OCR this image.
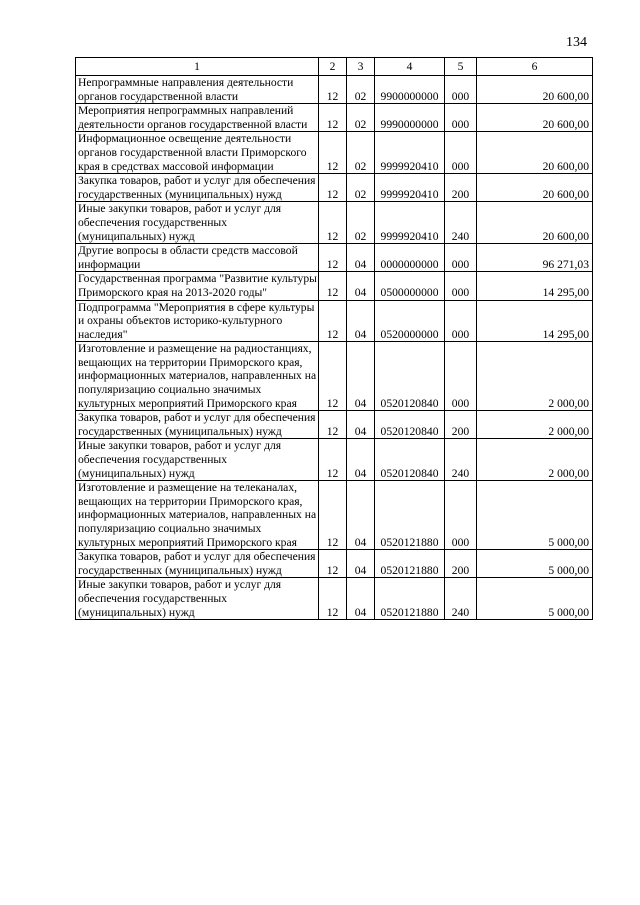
134
1	2	3	4	5	6
Непрограммные направления деятельности органов государственной власти	12	02	9900000000	000	20 600,00
Мероприятия непрограммных направлений деятельности органов государственной власти	12	02	9990000000	000	20 600,00
Информационное освещение деятельности органов государственной власти Приморского края в средствах массовой информации	12	02	9999920410	000	20 600,00
Закупка товаров, работ и услуг для обеспечения государственных (муниципальных) нужд	12	02	9999920410	200	20 600,00
Иные закупки товаров, работ и услуг для обеспечения государственных (муниципальных) нужд	12	02	9999920410	240	20 600,00
Другие вопросы в области средств массовой информации	12	04	0000000000	000	96 271,03
Государственная программа "Развитие культуры Приморского края на 2013-2020 годы"	12	04	0500000000	000	14 295,00
Подпрограмма "Мероприятия в сфере культуры и охраны объектов историко-культурного наследия"	12	04	0520000000	000	14 295,00
Изготовление и размещение на радиостанциях, вещающих на территории Приморского края, информационных материалов, направленных на популяризацию социально значимых культурных мероприятий Приморского края	12	04	0520120840	000	2 000,00
Закупка товаров, работ и услуг для обеспечения государственных (муниципальных) нужд	12	04	0520120840	200	2 000,00
Иные закупки товаров, работ и услуг для обеспечения государственных (муниципальных) нужд	12	04	0520120840	240	2 000,00
Изготовление и размещение на телеканалах, вещающих на территории Приморского края, информационных материалов, направленных на популяризацию социально значимых культурных мероприятий Приморского края	12	04	0520121880	000	5 000,00
Закупка товаров, работ и услуг для обеспечения государственных (муниципальных) нужд	12	04	0520121880	200	5 000,00
Иные закупки товаров, работ и услуг для обеспечения государственных (муниципальных) нужд	12	04	0520121880	240	5 000,00
